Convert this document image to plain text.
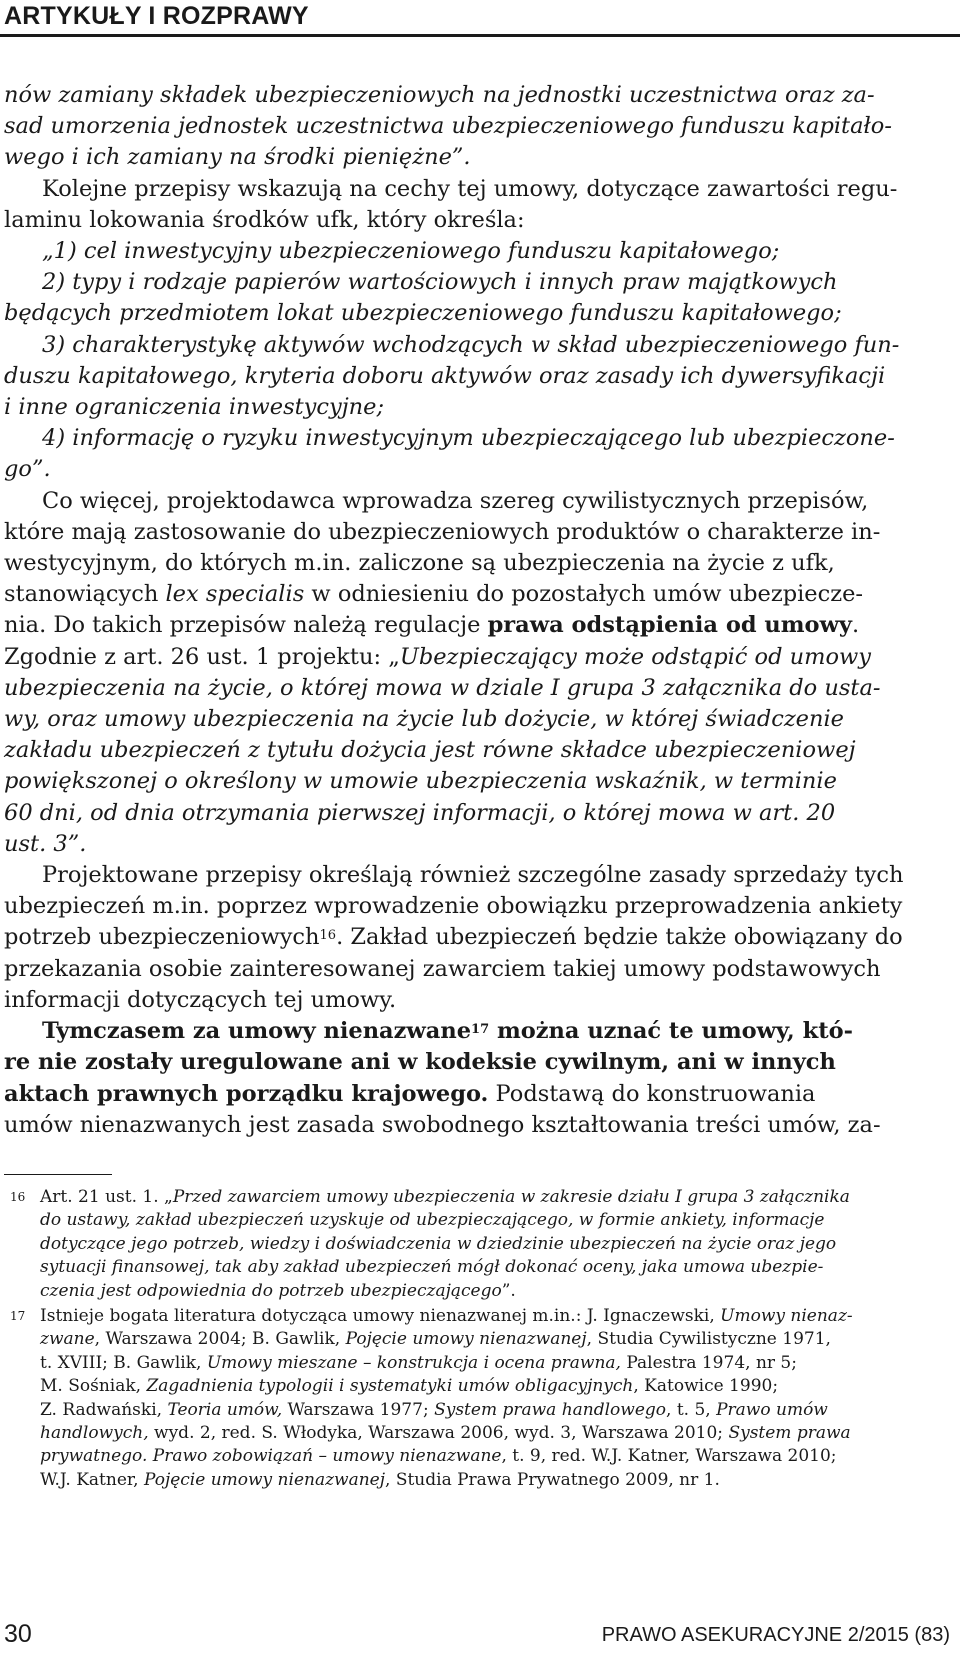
ARTYKUŁY I ROZPRAWY
nów zamiany składek ubezpieczeniowych na jednostki uczestnictwa oraz za-
sad umorzenia jednostek uczestnictwa ubezpieczeniowego funduszu kapitało-
wego i ich zamiany na środki pieniężne”.
Kolejne przepisy wskazują na cechy tej umowy, dotyczące zawartości regu-
laminu lokowania środków ufk, który określa:
„1) cel inwestycyjny ubezpieczeniowego funduszu kapitałowego;
2) typy i rodzaje papierów wartościowych i innych praw majątkowych
będących przedmiotem lokat ubezpieczeniowego funduszu kapitałowego;
3) charakterystykę aktywów wchodzących w skład ubezpieczeniowego fun-
duszu kapitałowego, kryteria doboru aktywów oraz zasady ich dywersyfikacji
i inne ograniczenia inwestycyjne;
4) informację o ryzyku inwestycyjnym ubezpieczającego lub ubezpieczone-
go”.
Co więcej, projektodawca wprowadza szereg cywilistycznych przepisów,
które mają zastosowanie do ubezpieczeniowych produktów o charakterze in-
westycyjnym, do których m.in. zaliczone są ubezpieczenia na życie z ufk,
stanowiących lex specialis w odniesieniu do pozostałych umów ubezpiecze-
nia. Do takich przepisów należą regulacje prawa odstąpienia od umowy.
Zgodnie z art. 26 ust. 1 projektu: „Ubezpieczający może odstąpić od umowy
ubezpieczenia na życie, o której mowa w dziale I grupa 3 załącznika do usta-
wy, oraz umowy ubezpieczenia na życie lub dożycie, w której świadczenie
zakładu ubezpieczeń z tytułu dożycia jest równe składce ubezpieczeniowej
powiększonej o określony w umowie ubezpieczenia wskaźnik, w terminie
60 dni, od dnia otrzymania pierwszej informacji, o której mowa w art. 20
ust. 3”.
Projektowane przepisy określają również szczególne zasady sprzedaży tych
ubezpieczeń m.in. poprzez wprowadzenie obowiązku przeprowadzenia ankiety
potrzeb ubezpieczeniowych$^{16}$. Zakład ubezpieczeń będzie także obowiązany do
przekazania osobie zainteresowanej zawarciem takiej umowy podstawowych
informacji dotyczących tej umowy.
Tymczasem za umowy nienazwane$^{17}$ można uznać te umowy, któ-
re nie zostały uregulowane ani w kodeksie cywilnym, ani w innych
aktach prawnych porządku krajowego. Podstawą do konstruowania
umów nienazwanych jest zasada swobodnego kształtowania treści umów, za-
16 Art. 21 ust. 1. „Przed zawarciem umowy ubezpieczenia w zakresie działu I grupa 3 załącznika
do ustawy, zakład ubezpieczeń uzyskuje od ubezpieczającego, w formie ankiety, informacje
dotyczące jego potrzeb, wiedzy i doświadczenia w dziedzinie ubezpieczeń na życie oraz jego
sytuacji finansowej, tak aby zakład ubezpieczeń mógł dokonać oceny, jaka umowa ubezpie-
czenia jest odpowiednia do potrzeb ubezpieczającego”.
17 Istnieje bogata literatura dotycząca umowy nienazwanej m.in.: J. Ignaczewski, Umowy nienaz-
zwane, Warszawa 2004; B. Gawlik, Pojęcie umowy nienazwanej, Studia Cywilistyczne 1971,
t. XVIII; B. Gawlik, Umowy mieszane – konstrukcja i ocena prawna, Palestra 1974, nr 5;
M. Sośniak, Zagadnienia typologii i systematyki umów obligacyjnych, Katowice 1990;
Z. Radwański, Teoria umów, Warszawa 1977; System prawa handlowego, t. 5, Prawo umów
handlowych, wyd. 2, red. S. Włodyka, Warszawa 2006, wyd. 3, Warszawa 2010; System prawa
prywatnego. Prawo zobowiązań – umowy nienazwane, t. 9, red. W.J. Katner, Warszawa 2010;
W.J. Katner, Pojęcie umowy nienazwanej, Studia Prawa Prywatnego 2009, nr 1.
30	PRAWO ASEKURACYJNE 2/2015 (83)
